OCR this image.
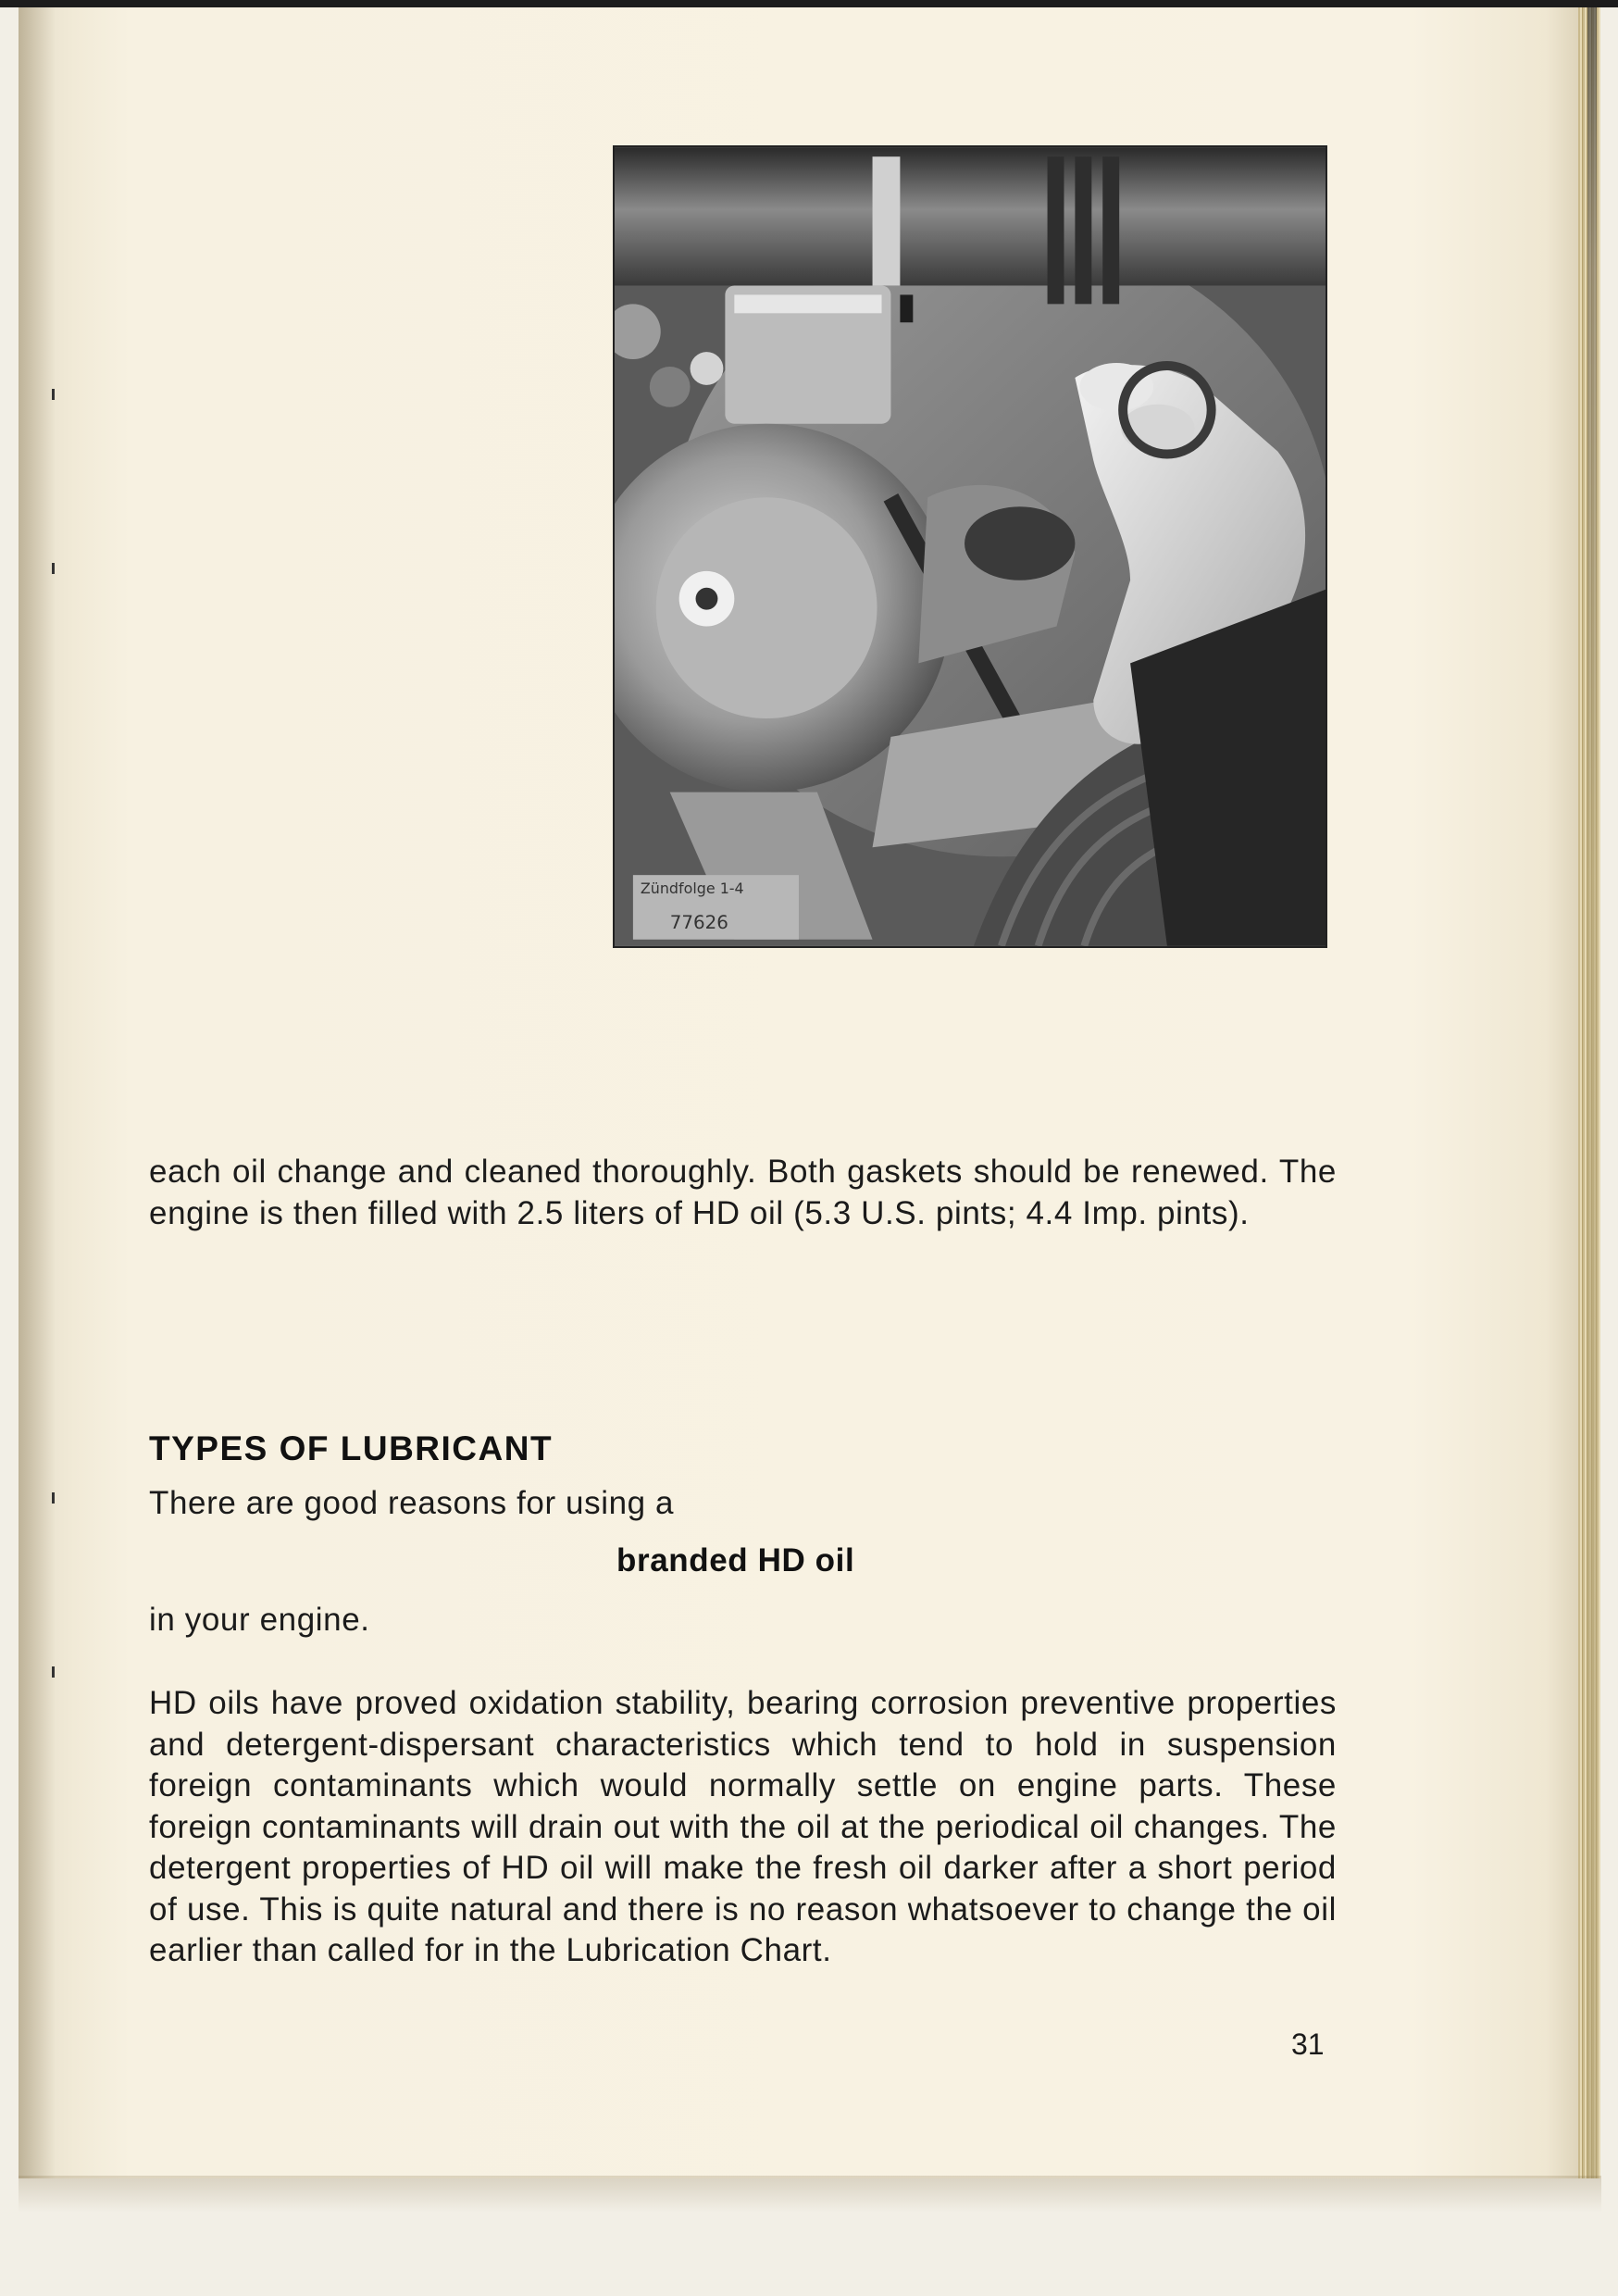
Zündfolge 1-4
77626

each oil change and cleaned thoroughly. Both gaskets should be renewed. The engine is then filled with 2.5 liters of HD oil (5.3 U.S. pints; 4.4 Imp. pints).

TYPES OF LUBRICANT
There are good reasons for using a
branded HD oil
in your engine.

HD oils have proved oxidation stability, bearing corrosion preventive properties and detergent-dispersant characteristics which tend to hold in suspension foreign contaminants which would normally settle on engine parts. These foreign contaminants will drain out with the oil at the periodical oil changes. The detergent properties of HD oil will make the fresh oil darker after a short period of use. This is quite natural and there is no reason whatsoever to change the oil earlier than called for in the Lubrication Chart.

31
